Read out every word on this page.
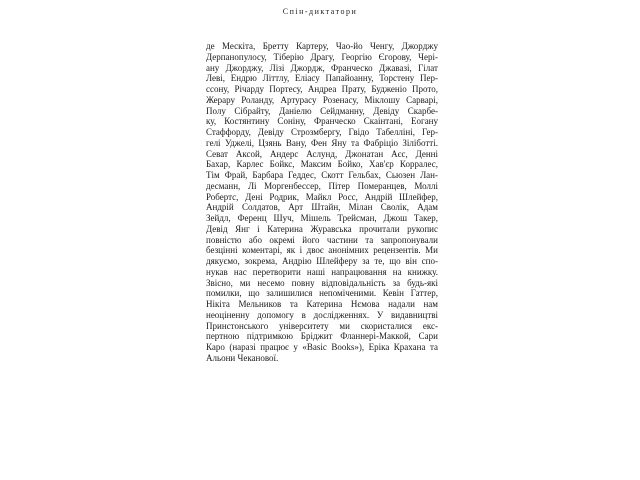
Спін-диктатори
де Мескіта, Бретту Картеру, Чао-йо Ченгу, Джорджу
Дерпанопулосу, Тіберію Драгу, Георгію Єгорову, Чері-
ану Джорджу, Лізі Джордж, Франческо Джавазі, Гілат
Леві, Ендрю Літтлу, Еліасу Папайоанну, Торстену Пер-
ссону, Річарду Портесу, Андреа Прату, Будженіо Прото,
Жерару Роланду, Артурасу Розенасу, Міклошу Сарварі,
Полу Сібрайту, Даніелю Сейдманну, Девіду Скарбе-
ку, Костянтину Соніну, Франческо Скаінтані, Еогану
Стаффорду, Девіду Строзмбергу, Гвідо Табелліні, Гер-
гелі Уджелі, Цзянь Вану, Фен Яну та Фабріціо Зіліботті.
Севат Аксой, Андерс Аслунд, Джонатан Аєс, Денні
Бахар, Карлес Бойкс, Максим Бойко, Хав'єр Корралес,
Тім Фрай, Барбара Геддес, Скотт Гельбах, Сьюзен Лан-
десманн, Лі Моргенбессер, Пітер Померанцев, Моллі
Робертс, Дені Родрик, Майкл Росс, Андрій Шлейфер,
Андрій Солдатов, Арт Штайн, Мілан Сволік, Адам
Зейдл, Ференц Шуч, Мішель Трейсман, Джош Такер,
Девід Янг і Катерина Журавська прочитали рукопис
повністю або окремі його частини та запропонували
безцінні коментарі, як і двоє анонімних рецензентів. Ми
дякуємо, зокрема, Андрію Шлейферу за те, що він спо-
нукав нас перетворити наші напрацювання на книжку.
Звісно, ми несемо повну відповідальність за будь-які
помилки, що залишилися непоміченими. Кевін Гаттер,
Нікіта Мельников та Катерина Нємова надали нам
неоціненну допомогу в дослідженнях. У видавництві
Принстонського університету ми скористалися екс-
пертною підтримкою Бріджит Фланнері-Маккой, Сари
Каро (наразі працює у «Basic Books»), Еріка Крахана та
Альони Чеканової.
